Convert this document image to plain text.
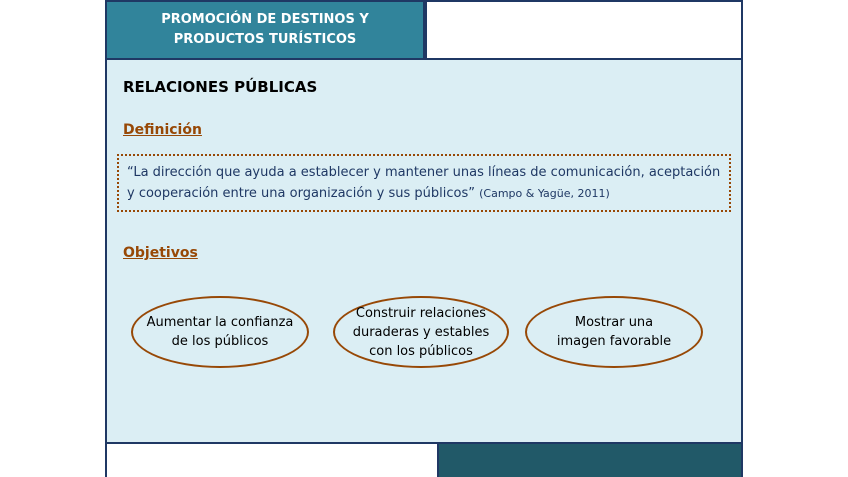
PROMOCIÓN DE DESTINOS Y PRODUCTOS TURÍSTICOS
RELACIONES PÚBLICAS
Definición
“La dirección que ayuda a establecer y mantener unas líneas de comunicación, aceptación y cooperación entre una organización y sus públicos” (Campo & Yagüe, 2011)
Objetivos
Aumentar la confianza de los públicos
Construir relaciones duraderas y estables con los públicos
Mostrar una imagen favorable
